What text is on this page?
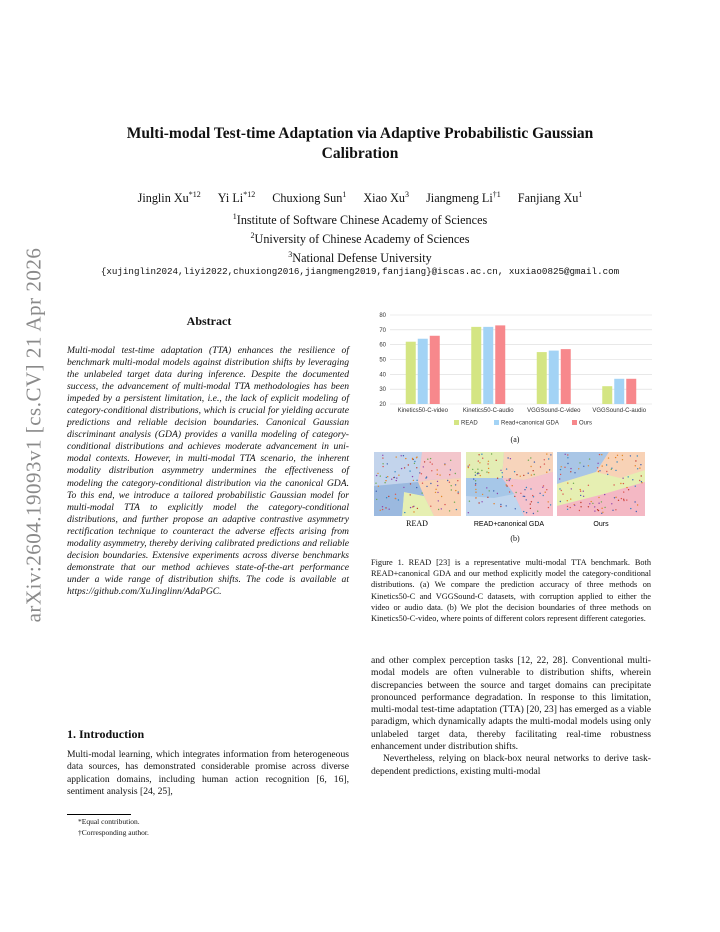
arXiv:2604.19093v1 [cs.CV] 21 Apr 2026
Multi-modal Test-time Adaptation via Adaptive Probabilistic Gaussian
Calibration
Jinglin Xu$^{*12}$ Yi Li$^{*12}$ Chuxiong Sun$^1$ Xiao Xu$^3$ Jiangmeng Li$^{\dagger 1}$ Fanjiang Xu$^1$
$^1$Institute of Software Chinese Academy of Sciences
$^2$University of Chinese Academy of Sciences
$^3$National Defense University
{xujinglin2024,liyi2022,chuxiong2016,jiangmeng2019,fanjiang}@iscas.ac.cn, xuxiao0825@gmail.com
Abstract
Multi-modal test-time adaptation (TTA) enhances the resilience of benchmark multi-modal models against distribution shifts by leveraging the unlabeled target data during inference. Despite the documented success, the advancement of multi-modal TTA methodologies has been impeded by a persistent limitation, i.e., the lack of explicit modeling of category-conditional distributions, which is crucial for yielding accurate predictions and reliable decision boundaries. Canonical Gaussian discriminant analysis (GDA) provides a vanilla modeling of category-conditional distributions and achieves moderate advancement in uni-modal contexts. However, in multi-modal TTA scenario, the inherent modality distribution asymmetry undermines the effectiveness of modeling the category-conditional distribution via the canonical GDA. To this end, we introduce a tailored probabilistic Gaussian model for multi-modal TTA to explicitly model the category-conditional distributions, and further propose an adaptive contrastive asymmetry rectification technique to counteract the adverse effects arising from modality asymmetry, thereby deriving calibrated predictions and reliable decision boundaries. Extensive experiments across diverse benchmarks demonstrate that our method achieves state-of-the-art performance under a wide range of distribution shifts. The code is available at https://github.com/XuJinglinn/AdaPGC.
1. Introduction
Multi-modal learning, which integrates information from heterogeneous data sources, has demonstrated considerable promise across diverse application domains, including human action recognition [6, 16], sentiment analysis [24, 25],
*Equal contribution.
†Corresponding author.
20
30
40
50
60
70
80
Kinetics50-C-video Kinetics50-C-audio VGGSound-C-video VGGSound-C-audio
READ	Read+canonical GDA	Ours
(a)
READ	READ+canonical GDA	Ours
(b)
Figure 1. READ [23] is a representative multi-modal TTA benchmark. Both READ+canonical GDA and our method explicitly model the category-conditional distributions. (a) We compare the prediction accuracy of three methods on Kinetics50-C and VGGSound-C datasets, with corruption applied to either the video or audio data. (b) We plot the decision boundaries of three methods on Kinetics50-C-video, where points of different colors represent different categories.
and other complex perception tasks [12, 22, 28]. Conventional multi-modal models are often vulnerable to distribution shifts, wherein discrepancies between the source and target domains can precipitate pronounced performance degradation. In response to this limitation, multi-modal test-time adaptation (TTA) [20, 23] has emerged as a viable paradigm, which dynamically adapts the multi-modal models using only unlabeled target data, thereby facilitating real-time robustness enhancement under distribution shifts.
Nevertheless, relying on black-box neural networks to derive task-dependent predictions, existing multi-modal
